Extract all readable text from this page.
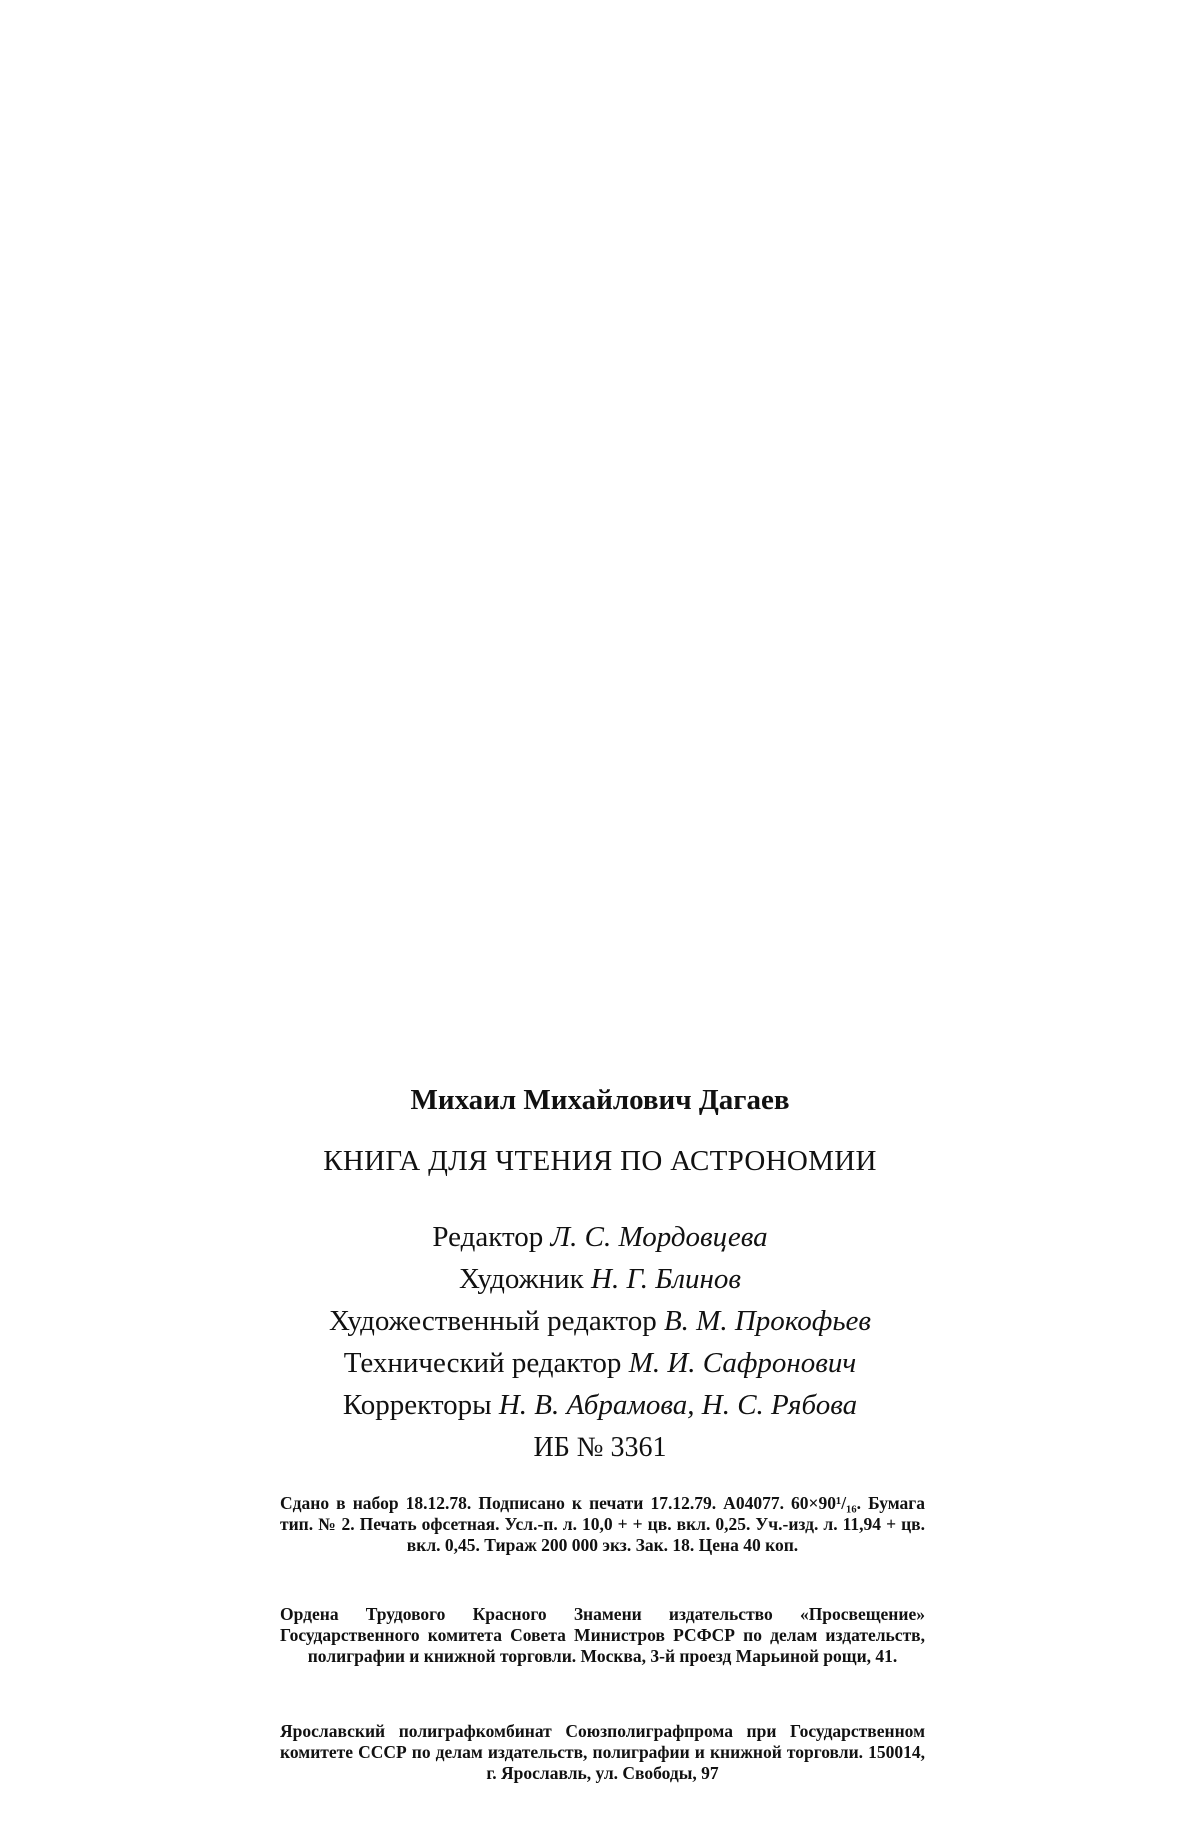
Михаил Михайлович Дагаев
КНИГА ДЛЯ ЧТЕНИЯ ПО АСТРОНОМИИ
Редактор Л. С. Мордовцева
Художник Н. Г. Блинов
Художественный редактор В. М. Прокофьев
Технический редактор М. И. Сафронович
Корректоры Н. В. Абрамова, Н. С. Рябова
ИБ № 3361
Сдано в набор 18.12.78. Подписано к печати 17.12.79. А04077. 60×90¹/₁₆. Бумага тип. № 2. Печать офсетная. Усл.-п. л. 10,0 + + цв. вкл. 0,25. Уч.-изд. л. 11,94 + цв. вкл. 0,45. Тираж 200 000 экз. Зак. 18. Цена 40 коп.
Ордена Трудового Красного Знамени издательство «Просвещение» Государственного комитета Совета Министров РСФСР по делам издательств, полиграфии и книжной торговли. Москва, 3-й проезд Марьиной рощи, 41.
Ярославский полиграфкомбинат Союзполиграфпрома при Государственном комитете СССР по делам издательств, полиграфии и книжной торговли. 150014, г. Ярославль, ул. Свободы, 97
